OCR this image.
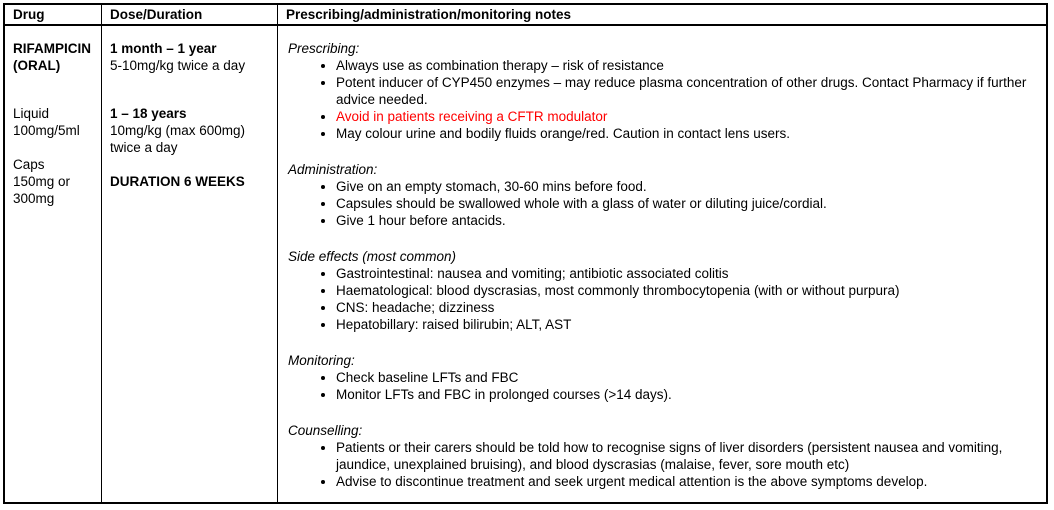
Drug	Dose/Duration	Prescribing/administration/monitoring notes
RIFAMPICIN
(ORAL)
Liquid
100mg/5ml
Caps
150mg or
300mg
1 month – 1 year
5-10mg/kg twice a day
1 – 18 years
10mg/kg (max 600mg) twice a day
DURATION 6 WEEKS
Prescribing:
• Always use as combination therapy – risk of resistance
• Potent inducer of CYP450 enzymes – may reduce plasma concentration of other drugs. Contact Pharmacy if further advice needed.
• Avoid in patients receiving a CFTR modulator
• May colour urine and bodily fluids orange/red. Caution in contact lens users.
Administration:
• Give on an empty stomach, 30-60 mins before food.
• Capsules should be swallowed whole with a glass of water or diluting juice/cordial.
• Give 1 hour before antacids.
Side effects (most common)
• Gastrointestinal: nausea and vomiting; antibiotic associated colitis
• Haematological: blood dyscrasias, most commonly thrombocytopenia (with or without purpura)
• CNS: headache; dizziness
• Hepatobillary: raised bilirubin; ALT, AST
Monitoring:
• Check baseline LFTs and FBC
• Monitor LFTs and FBC in prolonged courses (>14 days).
Counselling:
• Patients or their carers should be told how to recognise signs of liver disorders (persistent nausea and vomiting, jaundice, unexplained bruising), and blood dyscrasias (malaise, fever, sore mouth etc)
• Advise to discontinue treatment and seek urgent medical attention is the above symptoms develop.
